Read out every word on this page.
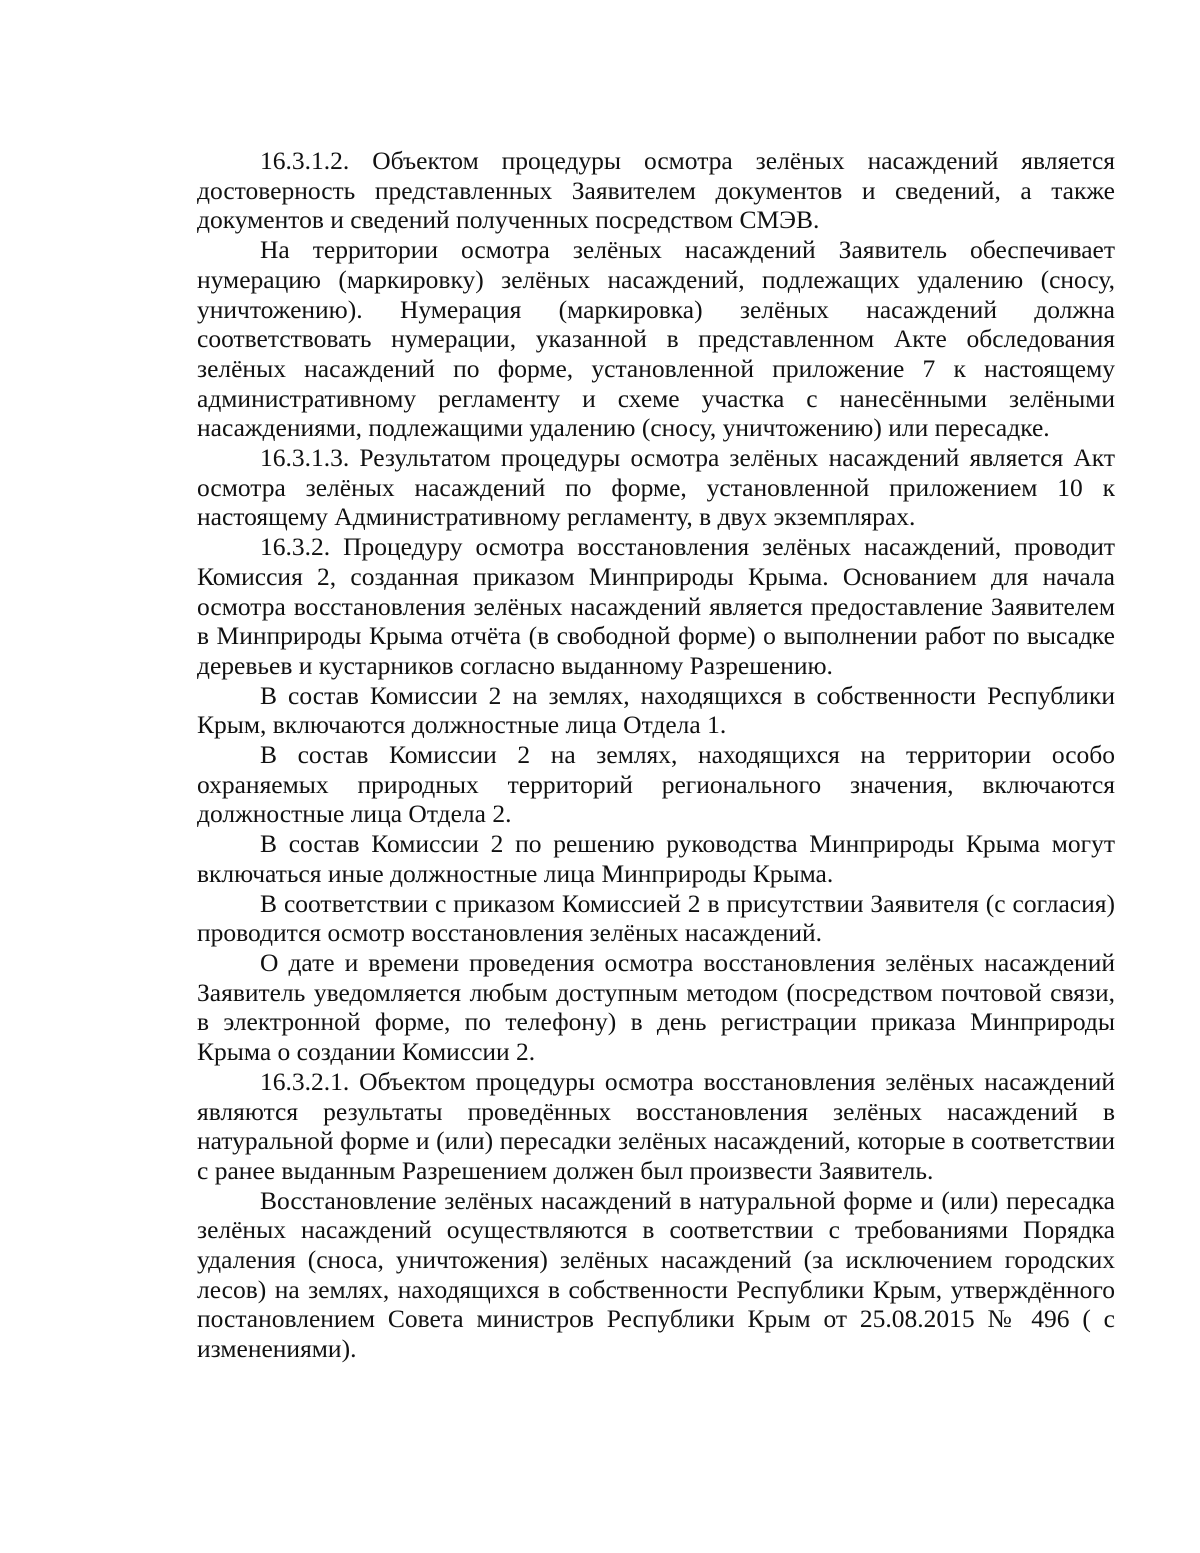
16.3.1.2. Объектом процедуры осмотра зелёных насаждений является достоверность представленных Заявителем документов и сведений, а также документов и сведений полученных посредством СМЭВ.

На территории осмотра зелёных насаждений Заявитель обеспечивает нумерацию (маркировку) зелёных насаждений, подлежащих удалению (сносу, уничтожению). Нумерация (маркировка) зелёных насаждений должна соответствовать нумерации, указанной в представленном Акте обследования зелёных насаждений по форме, установленной приложение 7 к настоящему административному регламенту и схеме участка с нанесёнными зелёными насаждениями, подлежащими удалению (сносу, уничтожению) или пересадке.

16.3.1.3. Результатом процедуры осмотра зелёных насаждений является Акт осмотра зелёных насаждений по форме, установленной приложением 10 к настоящему Административному регламенту, в двух экземплярах.

16.3.2. Процедуру осмотра восстановления зелёных насаждений, проводит Комиссия 2, созданная приказом Минприроды Крыма. Основанием для начала осмотра восстановления зелёных насаждений является предоставление Заявителем в Минприроды Крыма отчёта (в свободной форме) о выполнении работ по высадке деревьев и кустарников согласно выданному Разрешению.

В состав Комиссии 2 на землях, находящихся в собственности Республики Крым, включаются должностные лица Отдела 1.

В состав Комиссии 2 на землях, находящихся на территории особо охраняемых природных территорий регионального значения, включаются должностные лица Отдела 2.

В состав Комиссии 2 по решению руководства Минприроды Крыма могут включаться иные должностные лица Минприроды Крыма.

В соответствии с приказом Комиссией 2 в присутствии Заявителя (с согласия) проводится осмотр восстановления зелёных насаждений.

О дате и времени проведения осмотра восстановления зелёных насаждений Заявитель уведомляется любым доступным методом (посредством почтовой связи, в электронной форме, по телефону) в день регистрации приказа Минприроды Крыма о создании Комиссии 2.

16.3.2.1. Объектом процедуры осмотра восстановления зелёных насаждений являются результаты проведённых восстановления зелёных насаждений в натуральной форме и (или) пересадки зелёных насаждений, которые в соответствии с ранее выданным Разрешением должен был произвести Заявитель.

Восстановление зелёных насаждений в натуральной форме и (или) пересадка зелёных насаждений осуществляются в соответствии с требованиями Порядка удаления (сноса, уничтожения) зелёных насаждений (за исключением городских лесов) на землях, находящихся в собственности Республики Крым, утверждённого постановлением Совета министров Республики Крым от 25.08.2015 № 496 ( с изменениями).
